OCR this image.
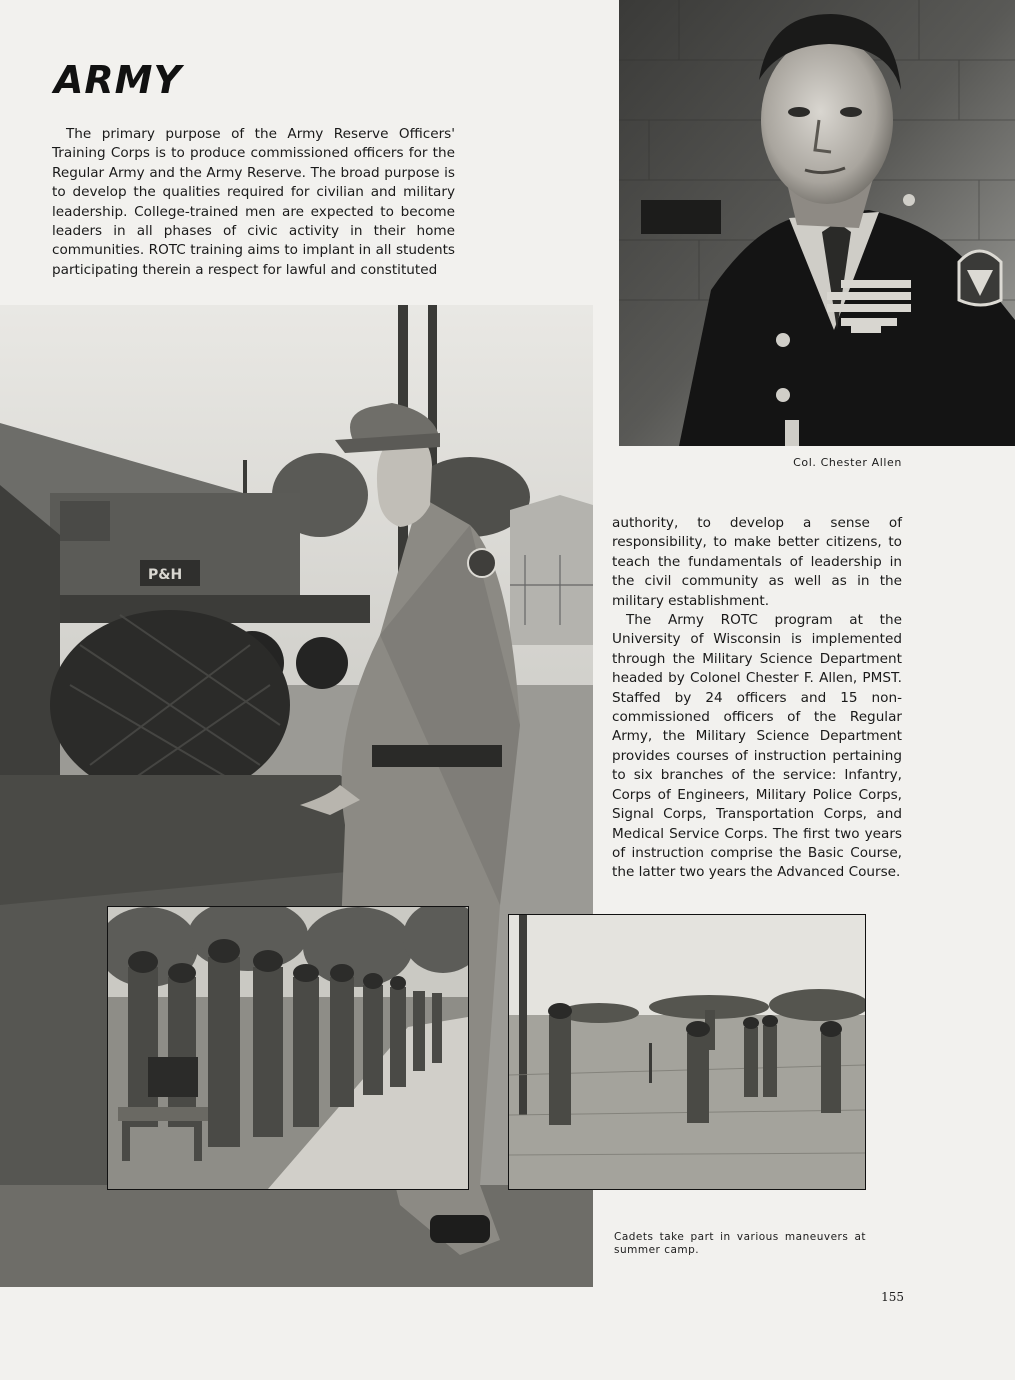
ARMY

The primary purpose of the Army Reserve Officers' Training Corps is to produce commissioned officers for the Regular Army and the Army Reserve. The broad purpose is to develop the qualities required for civilian and military leadership. College-trained men are expected to become leaders in all phases of civic activity in their home communities. ROTC training aims to implant in all students participating therein a respect for lawful and constituted

Col. Chester Allen

authority, to develop a sense of responsibility, to make better citizens, to teach the fundamentals of leadership in the civil community as well as in the military establishment.

The Army ROTC program at the University of Wisconsin is implemented through the Military Science Department headed by Colonel Chester F. Allen, PMST. Staffed by 24 officers and 15 non-commissioned officers of the Regular Army, the Military Science Department provides courses of instruction pertaining to six branches of the service: Infantry, Corps of Engineers, Military Police Corps, Signal Corps, Transportation Corps, and Medical Service Corps. The first two years of instruction comprise the Basic Course, the latter two years the Advanced Course.

P&H
Cadets take part in various maneuvers at summer camp.
155
